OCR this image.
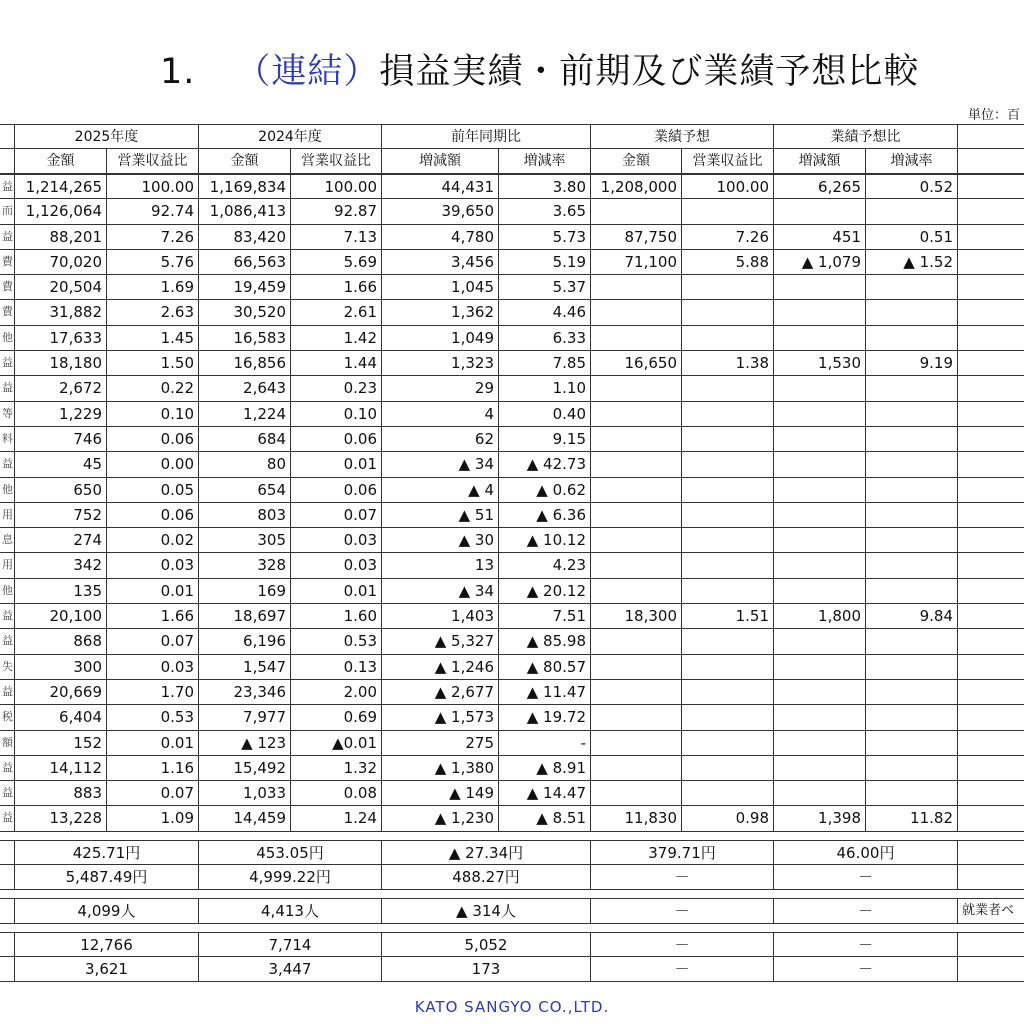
1. （連結）損益実績・前期及び業績予想比較
単位：百
2025年度	2024年度	前年同期比	業績予想	業績予想比
金額	営業収益比	金額	営業収益比	増減額	増減率	金額	営業収益比	増減額	増減率
益 1,214,265	100.00	1,169,834	100.00	44,431	3.80 1,208,000	100.00	6,265	0.52
而 1,126,064	92.74	1,086,413	92.87	39,650	3.65
益	88,201	7.26	83,420	7.13	4,780	5.73	87,750	7.26	451	0.51
費	70,020	5.76	66,563	5.69	3,456	5.19	71,100	5.88	▲ 1,079	▲ 1.52
費	20,504	1.69	19,459	1.66	1,045	5.37
費	31,882	2.63	30,520	2.61	1,362	4.46
他	17,633	1.45	16,583	1.42	1,049	6.33
益	18,180	1.50	16,856	1.44	1,323	7.85	16,650	1.38	1,530	9.19
益	2,672	0.22	2,643	0.23	29	1.10
等	1,229	0.10	1,224	0.10	4	0.40
料	746	0.06	684	0.06	62	9.15
益	45	0.00	80	0.01	▲ 34	▲ 42.73
他	650	0.05	654	0.06	▲ 4	▲ 0.62
用	752	0.06	803	0.07	▲ 51	▲ 6.36
息	274	0.02	305	0.03	▲ 30	▲ 10.12
用	342	0.03	328	0.03	13	4.23
他	135	0.01	169	0.01	▲ 34	▲ 20.12
益	20,100	1.66	18,697	1.60	1,403	7.51	18,300	1.51	1,800	9.84
益	868	0.07	6,196	0.53	▲ 5,327	▲ 85.98
失	300	0.03	1,547	0.13	▲ 1,246	▲ 80.57
益	20,669	1.70	23,346	2.00	▲ 2,677	▲ 11.47
税	6,404	0.53	7,977	0.69	▲ 1,573	▲ 19.72
額	152	0.01	▲ 123	▲0.01	275	-
益	14,112	1.16	15,492	1.32	▲ 1,380	▲ 8.91
益	883	0.07	1,033	0.08	▲ 149	▲ 14.47
益	13,228	1.09	14,459	1.24	▲ 1,230	▲ 8.51	11,830	0.98	1,398	11.82
425.71円	453.05円	▲ 27.34円	379.71円	46.00円
5,487.49円	4,999.22円	488.27円	－	－
4,099人	4,413人	▲ 314人	－	－	就業者ベ
12,766	7,714	5,052	－	－
3,621	3,447	173	－	－
KATO SANGYO CO.,LTD.
